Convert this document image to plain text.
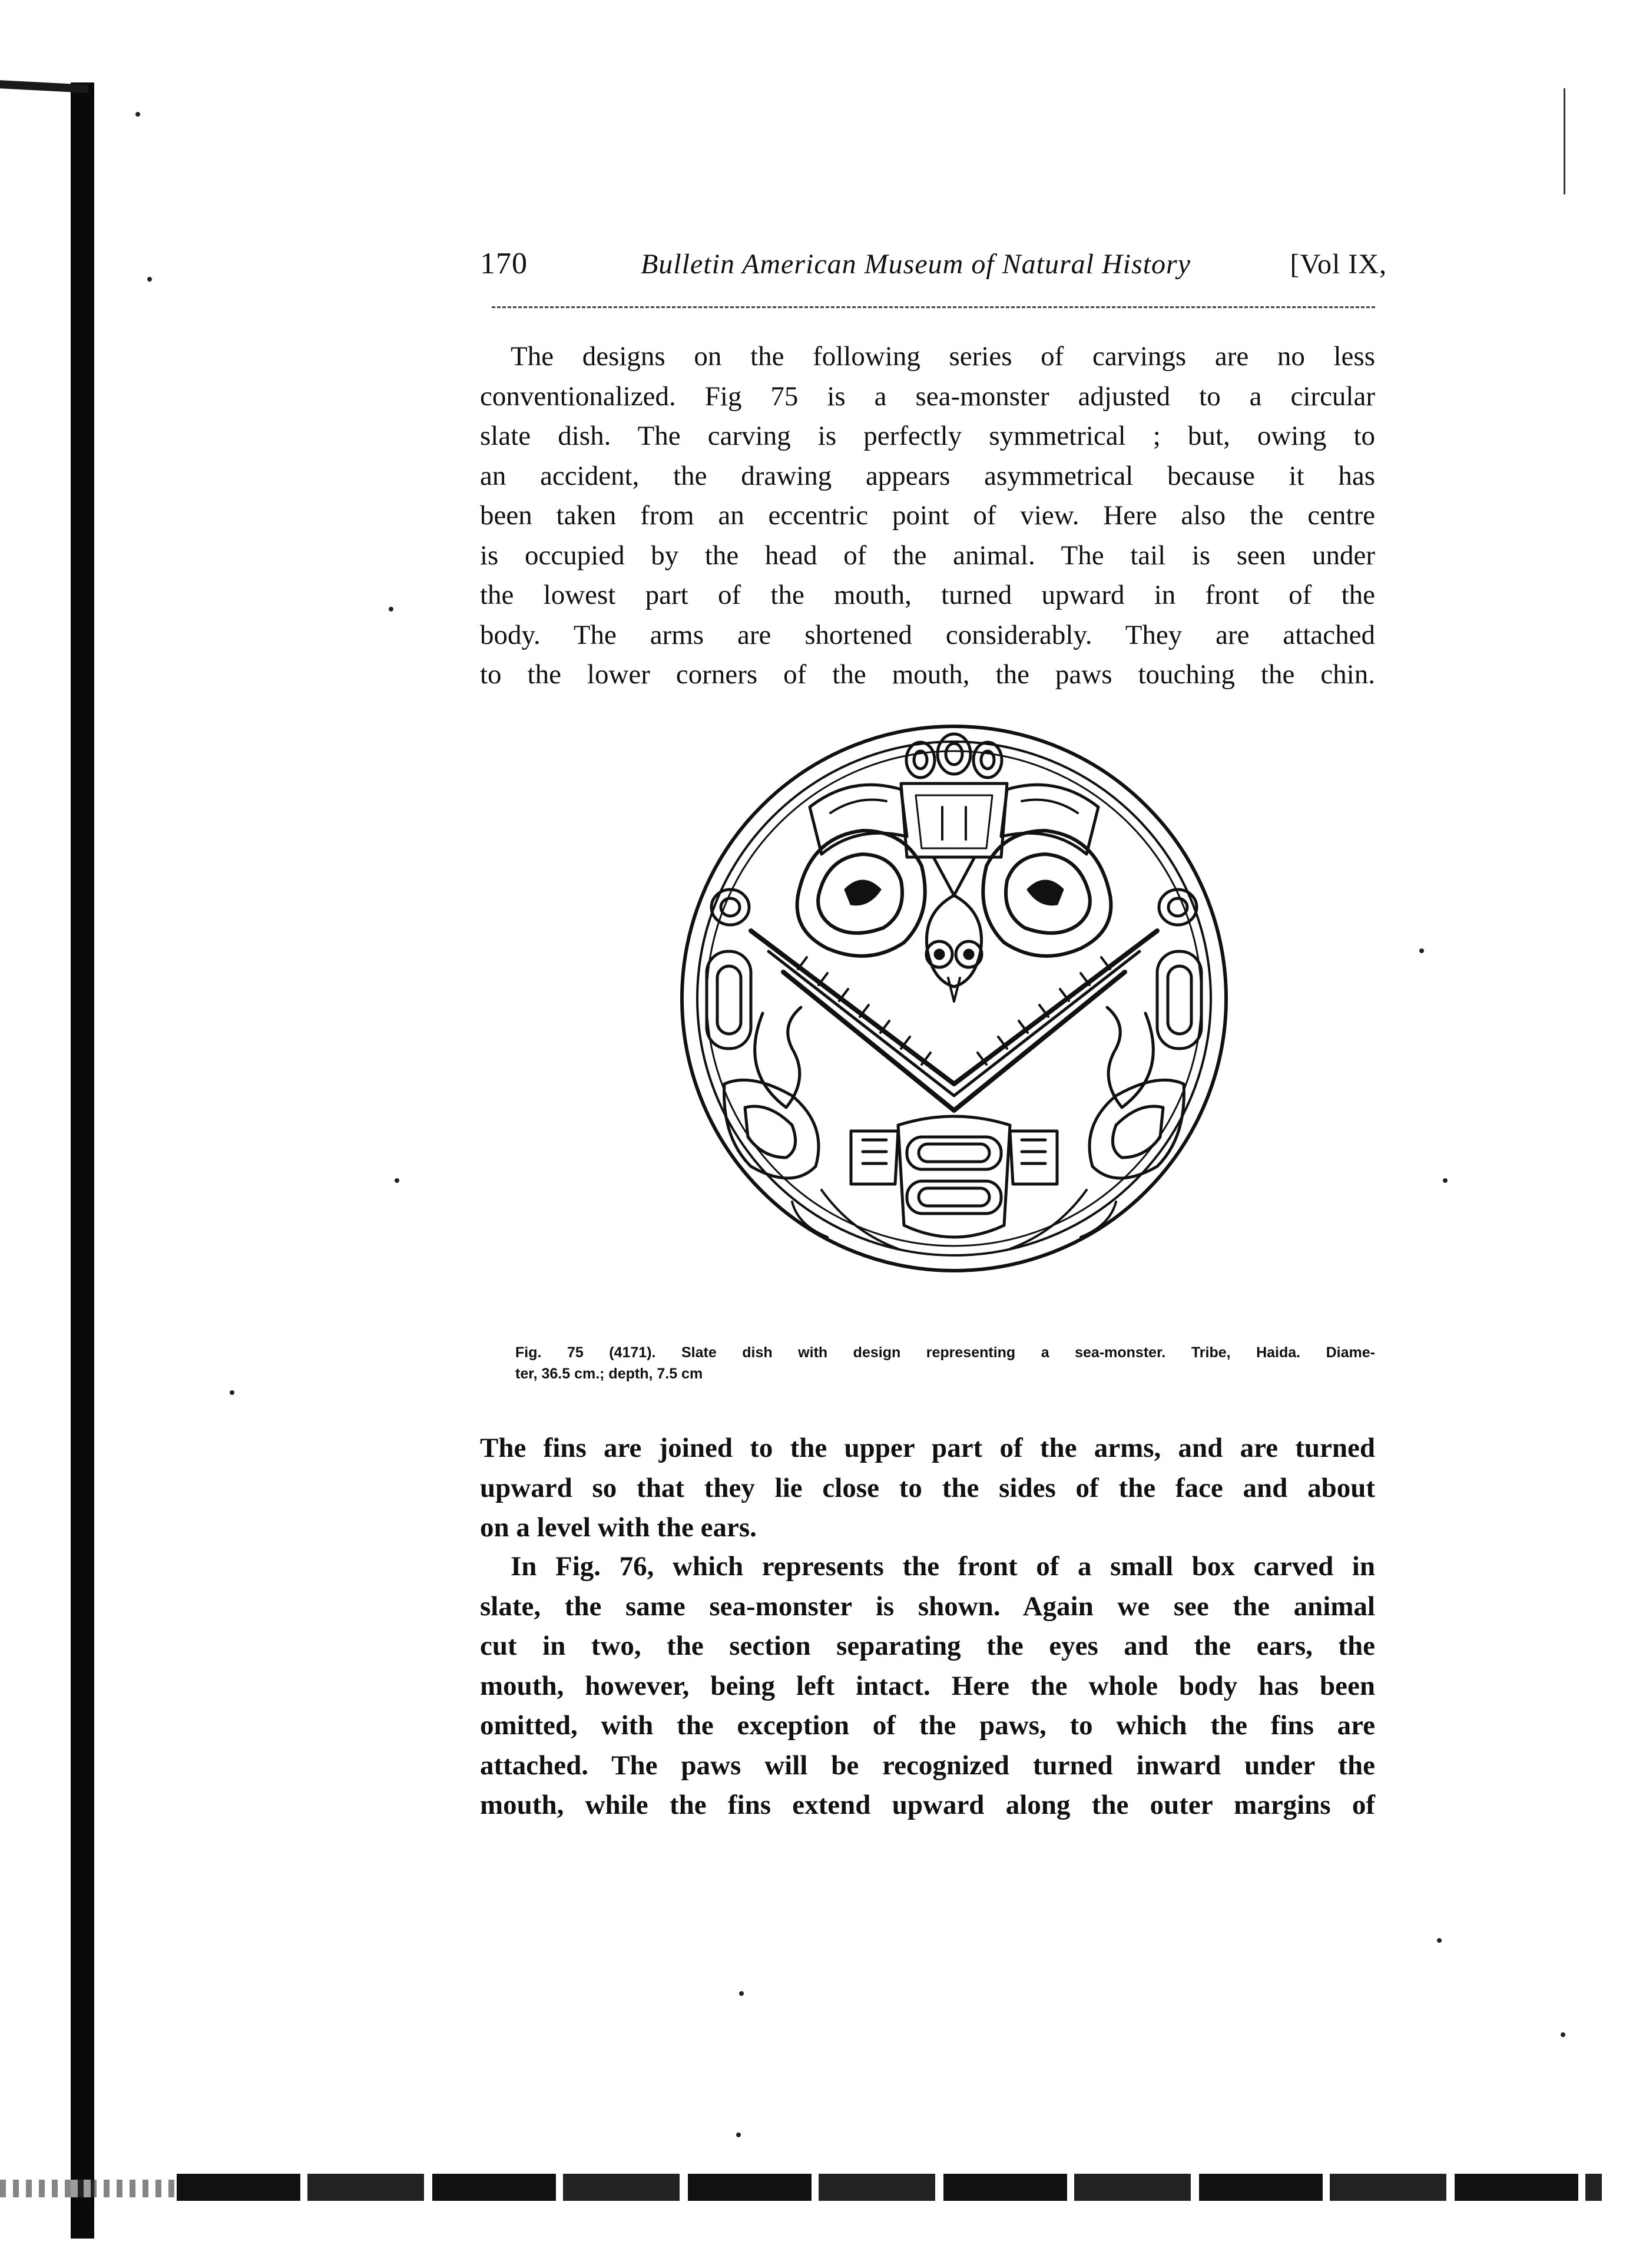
170	Bulletin American Museum of Natural History	[Vol IX,
The designs on the following series of carvings are no less
conventionalized. Fig 75 is a sea-monster adjusted to a circular
slate dish. The carving is perfectly symmetrical ; but, owing to
an accident, the drawing appears asymmetrical because it has
been taken from an eccentric point of view. Here also the centre
is occupied by the head of the animal. The tail is seen under
the lowest part of the mouth, turned upward in front of the
body. The arms are shortened considerably. They are attached
to the lower corners of the mouth, the paws touching the chin.
Fig. 75 (4171). Slate dish with design representing a sea-monster. Tribe, Haida. Diame-
ter, 36.5 cm.; depth, 7.5 cm
The fins are joined to the upper part of the arms, and are turned
upward so that they lie close to the sides of the face and about
on a level with the ears.
In Fig. 76, which represents the front of a small box carved in
slate, the same sea-monster is shown. Again we see the animal
cut in two, the section separating the eyes and the ears, the
mouth, however, being left intact. Here the whole body has been
omitted, with the exception of the paws, to which the fins are
attached. The paws will be recognized turned inward under the
mouth, while the fins extend upward along the outer margins of
